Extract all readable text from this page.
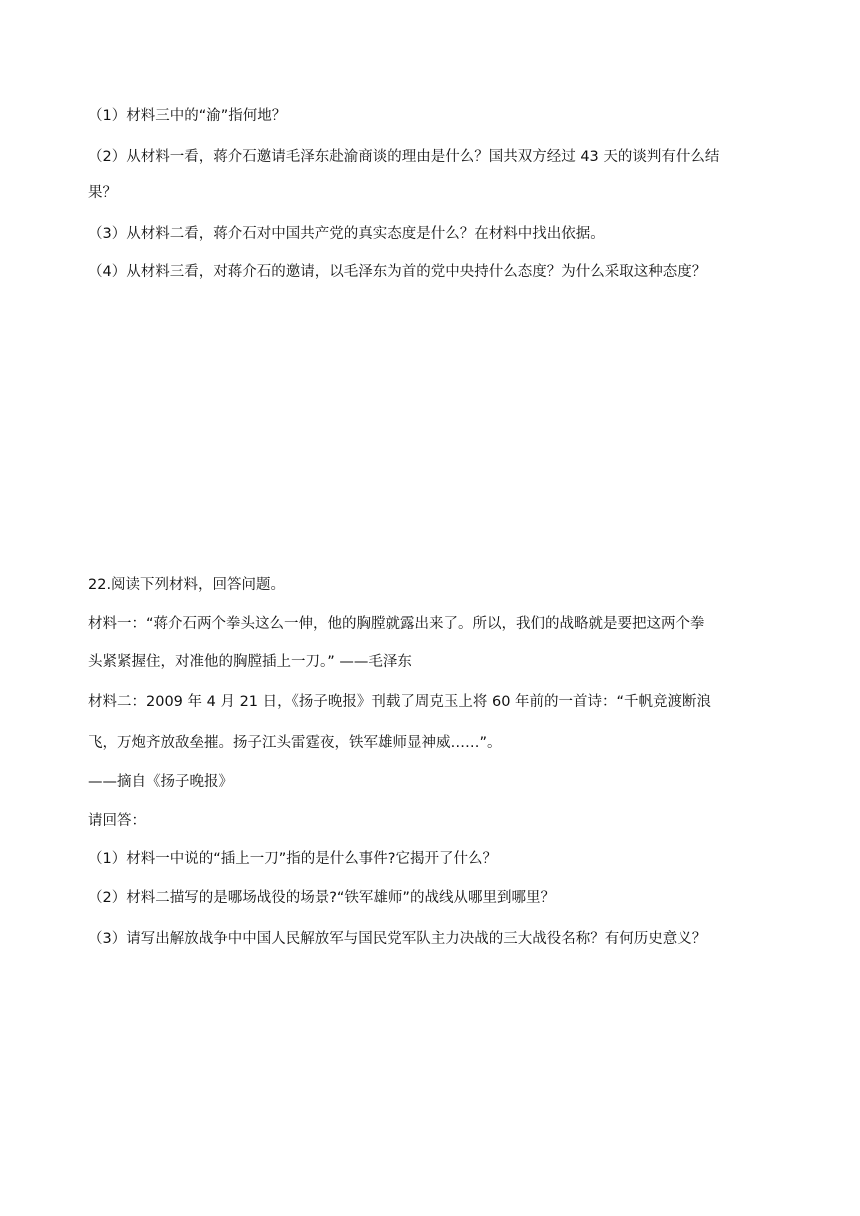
（1）材料三中的“渝”指何地？
（2）从材料一看，蒋介石邀请毛泽东赴渝商谈的理由是什么？国共双方经过 43 天的谈判有什么结
果？
（3）从材料二看，蒋介石对中国共产党的真实态度是什么？在材料中找出依据。
（4）从材料三看，对蒋介石的邀请，以毛泽东为首的党中央持什么态度？为什么采取这种态度？
22.阅读下列材料，回答问题。
材料一：“蒋介石两个拳头这么一伸，他的胸膛就露出来了。所以，我们的战略就是要把这两个拳
头紧紧握住，对准他的胸膛插上一刀。” ——毛泽东
材料二：2009 年 4 月 21 日，《扬子晚报》刊载了周克玉上将 60 年前的一首诗：“千帆竞渡断浪
飞，万炮齐放敌垒摧。扬子江头雷霆夜，铁军雄师显神威……”。
——摘自《扬子晚报》
请回答：
（1）材料一中说的“插上一刀”指的是什么事件?它揭开了什么？
（2）材料二描写的是哪场战役的场景?“铁军雄师”的战线从哪里到哪里？
（3）请写出解放战争中中国人民解放军与国民党军队主力决战的三大战役名称？有何历史意义？
